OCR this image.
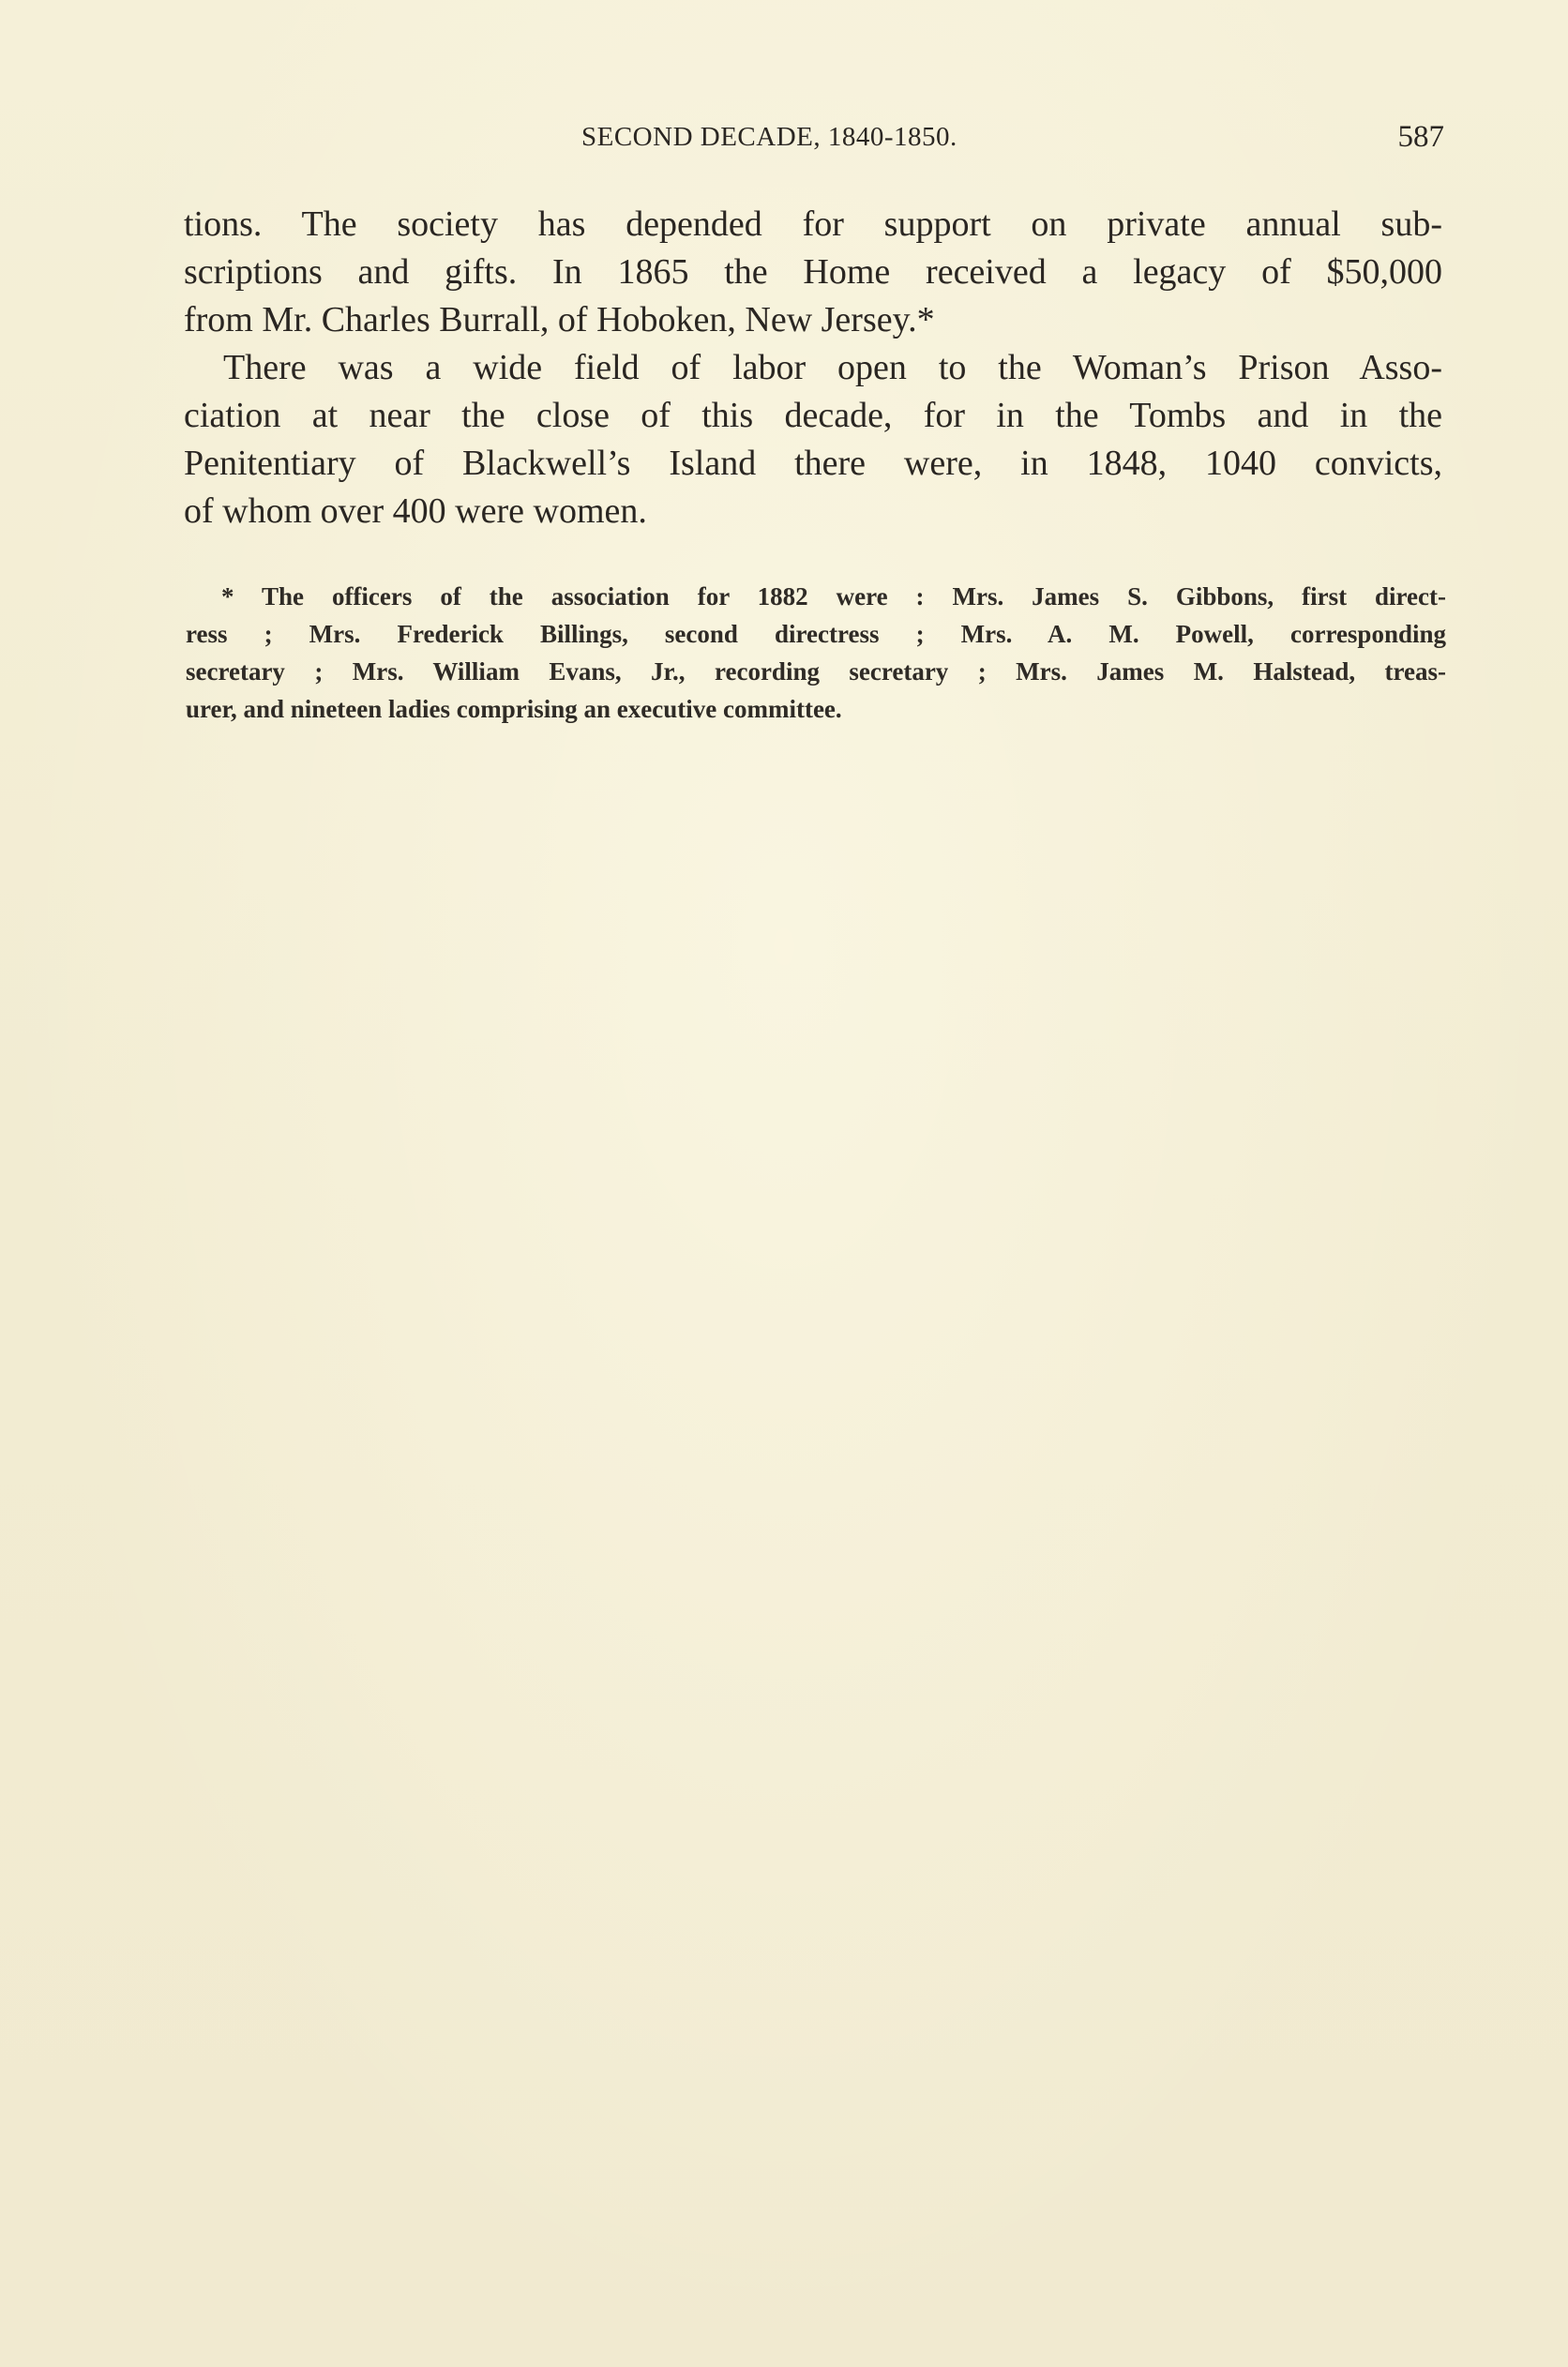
SECOND DECADE, 1840-1850.	587
tions. The society has depended for support on private annual sub-
scriptions and gifts. In 1865 the Home received a legacy of $50,000
from Mr. Charles Burrall, of Hoboken, New Jersey.*
There was a wide field of labor open to the Woman’s Prison Asso-
ciation at near the close of this decade, for in the Tombs and in the
Penitentiary of Blackwell’s Island there were, in 1848, 1040 convicts,
of whom over 400 were women.
* The officers of the association for 1882 were : Mrs. James S. Gibbons, first direct-
ress ; Mrs. Frederick Billings, second directress ; Mrs. A. M. Powell, corresponding
secretary ; Mrs. William Evans, Jr., recording secretary ; Mrs. James M. Halstead, treas-
urer, and nineteen ladies comprising an executive committee.
